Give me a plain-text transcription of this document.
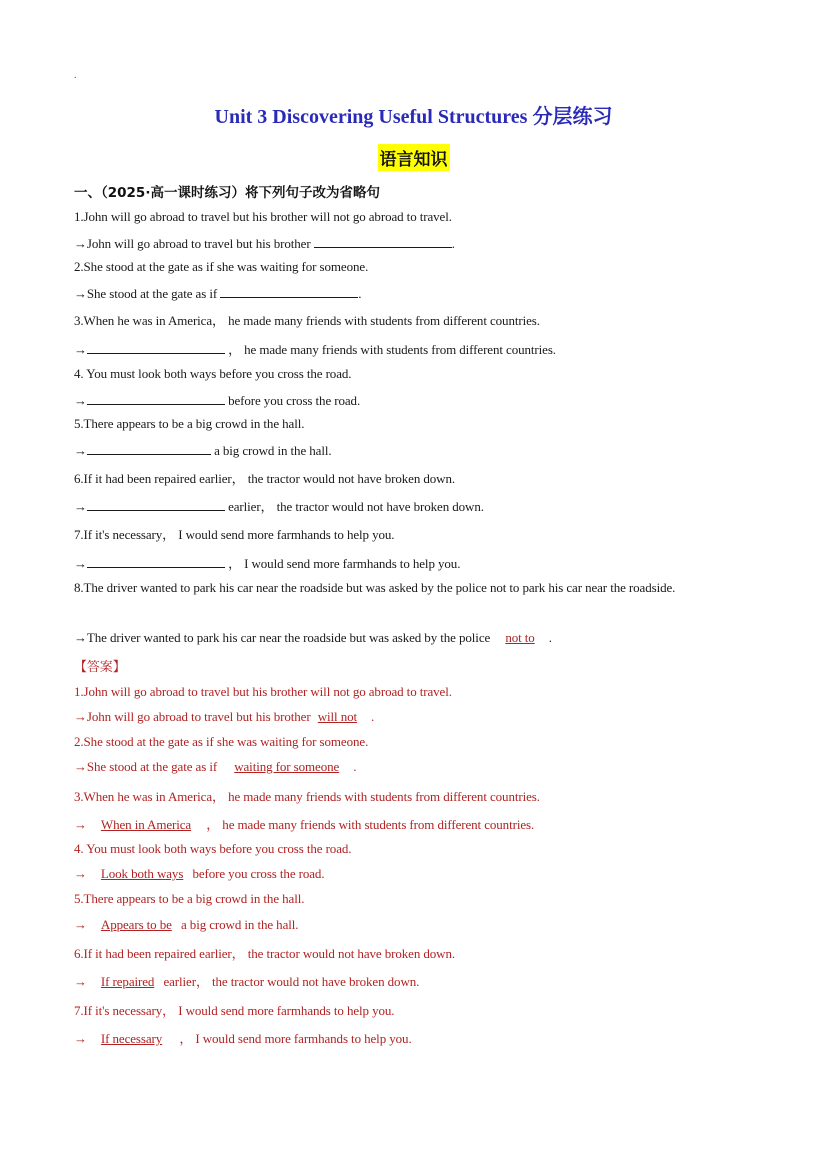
.
Unit 3 Discovering Useful Structures 分层练习
语言知识
一、（2025·高一课时练习）将下列句子改为省略句
1.John will go abroad to travel but his brother will not go abroad to travel.
→John will go abroad to travel but his brother	.
2.She stood at the gate as if she was waiting for someone.
→She stood at the gate as if	.
3.When he was in America， he made many friends with students from different countries.
→	， he made many friends with students from different countries.
4. You must look both ways before you cross the road.
→	before you cross the road.
5.There appears to be a big crowd in the hall.
→	a big crowd in the hall.
6.If it had been repaired earlier， the tractor would not have broken down.
→	earlier， the tractor would not have broken down.
7.If it's necessary， I would send more farmhands to help you.
→	， I would send more farmhands to help you.
8.The driver wanted to park his car near the roadside but was asked by the police not to park his car near the roadside.
→The driver wanted to park his car near the roadside but was asked by the police not to .
【答案】
1.John will go abroad to travel but his brother will not go abroad to travel.
→John will go abroad to travel but his brother will not .
2.She stood at the gate as if she was waiting for someone.
→She stood at the gate as if waiting for someone .
3.When he was in America， he made many friends with students from different countries.
→ When in America ， he made many friends with students from different countries.
4. You must look both ways before you cross the road.
→ Look both ways before you cross the road.
5.There appears to be a big crowd in the hall.
→ Appears to be a big crowd in the hall.
6.If it had been repaired earlier， the tractor would not have broken down.
→ If repaired earlier， the tractor would not have broken down.
7.If it's necessary， I would send more farmhands to help you.
→ If necessary ， I would send more farmhands to help you.
